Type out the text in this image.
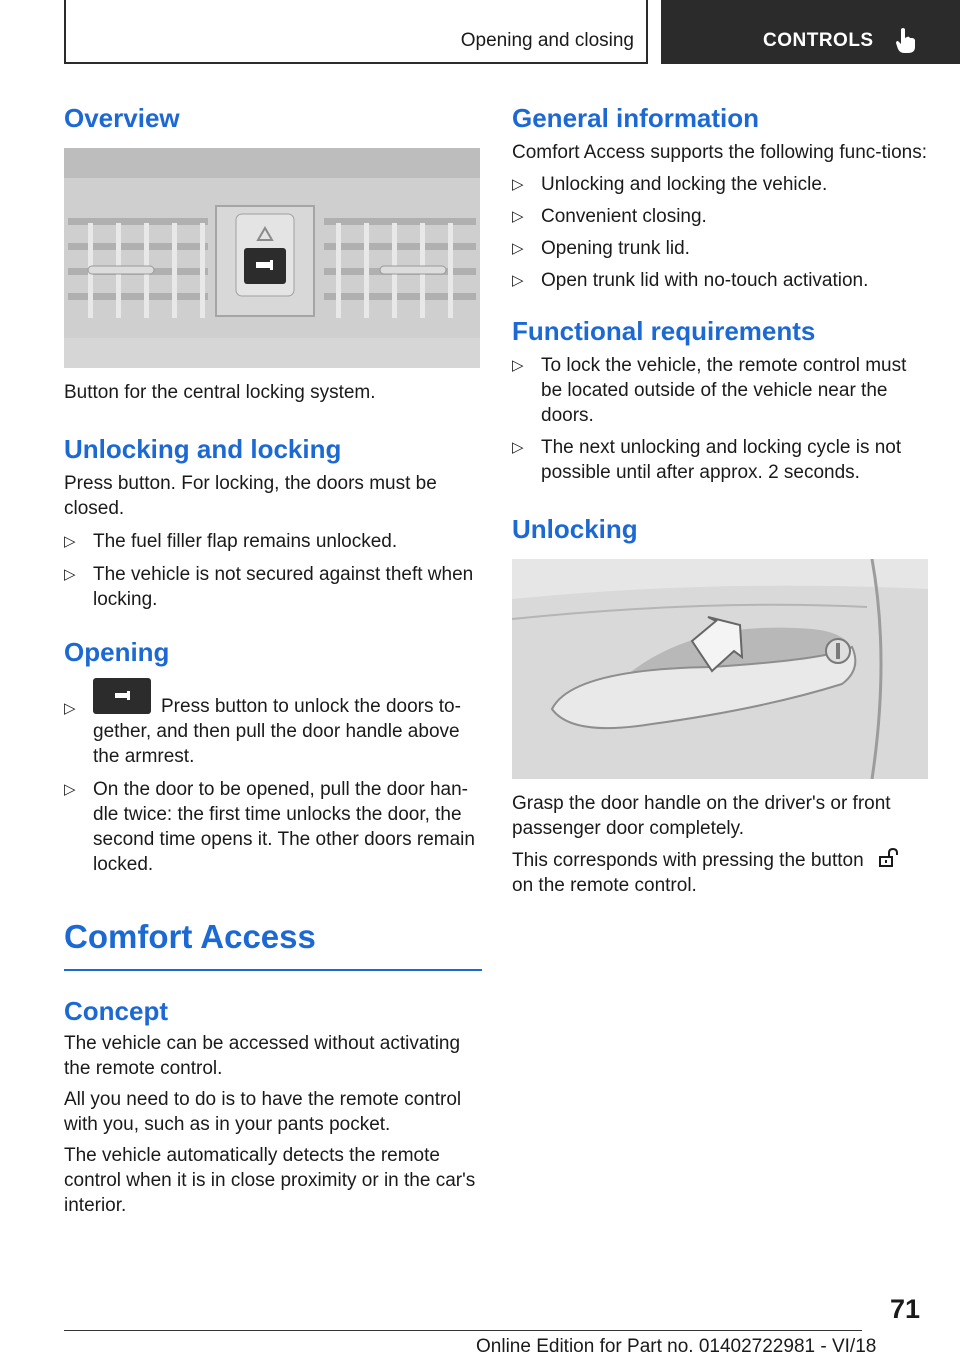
Opening and closing	CONTROLS
Overview

Button for the central locking system.

Unlocking and locking

Press button. For locking, the doors must be closed.

▷ The fuel filler flap remains unlocked.
▷ The vehicle is not secured against theft when locking.
Opening
▷	Press button to unlock the doors to-gether, and then pull the door handle above the armrest.
▷ On the door to be opened, pull the door han-dle twice: the first time unlocks the door, the second time opens it. The other doors remain locked.
Comfort Access
Concept

The vehicle can be accessed without activating the remote control.

All you need to do is to have the remote control with you, such as in your pants pocket.

The vehicle automatically detects the remote control when it is in close proximity or in the car's interior.

General information

Comfort Access supports the following func-tions:

▷ Unlocking and locking the vehicle.
▷ Convenient closing.
▷ Opening trunk lid.
▷ Open trunk lid with no-touch activation.
Functional requirements
▷ To lock the vehicle, the remote control must be located outside of the vehicle near the doors.
▷ The next unlocking and locking cycle is not possible until after approx. 2 seconds.
Unlocking

Grasp the door handle on the driver's or front passenger door completely.

This corresponds with pressing the button
on the remote control.

71
Online Edition for Part no. 01402722981 - VI/18
